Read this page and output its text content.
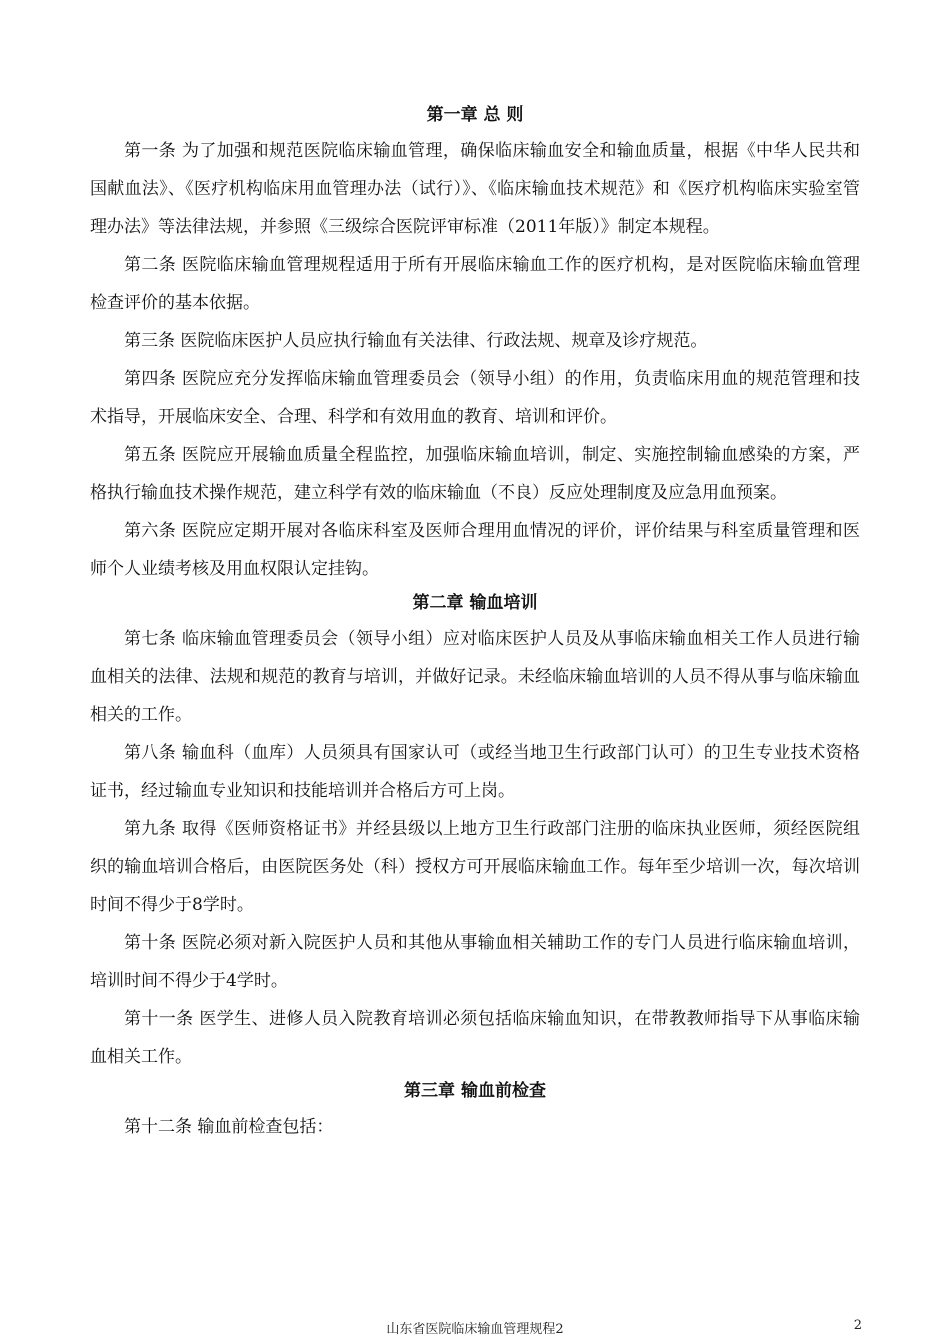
第一章 总 则

第一条 为了加强和规范医院临床输血管理，确保临床输血安全和输血质量，根据《中华人民共和国献血法》、《医疗机构临床用血管理办法（试行）》、《临床输血技术规范》和《医疗机构临床实验室管理办法》等法律法规，并参照《三级综合医院评审标准（2011年版）》制定本规程。

第二条 医院临床输血管理规程适用于所有开展临床输血工作的医疗机构，是对医院临床输血管理检查评价的基本依据。

第三条 医院临床医护人员应执行输血有关法律、行政法规、规章及诊疗规范。

第四条 医院应充分发挥临床输血管理委员会（领导小组）的作用，负责临床用血的规范管理和技术指导，开展临床安全、合理、科学和有效用血的教育、培训和评价。

第五条 医院应开展输血质量全程监控，加强临床输血培训，制定、实施控制输血感染的方案，严格执行输血技术操作规范，建立科学有效的临床输血（不良）反应处理制度及应急用血预案。

第六条 医院应定期开展对各临床科室及医师合理用血情况的评价，评价结果与科室质量管理和医师个人业绩考核及用血权限认定挂钩。

第二章 输血培训

第七条 临床输血管理委员会（领导小组）应对临床医护人员及从事临床输血相关工作人员进行输血相关的法律、法规和规范的教育与培训，并做好记录。未经临床输血培训的人员不得从事与临床输血相关的工作。

第八条 输血科（血库）人员须具有国家认可（或经当地卫生行政部门认可）的卫生专业技术资格证书，经过输血专业知识和技能培训并合格后方可上岗。

第九条 取得《医师资格证书》并经县级以上地方卫生行政部门注册的临床执业医师，须经医院组织的输血培训合格后，由医院医务处（科）授权方可开展临床输血工作。每年至少培训一次，每次培训时间不得少于8学时。

第十条 医院必须对新入院医护人员和其他从事输血相关辅助工作的专门人员进行临床输血培训，培训时间不得少于4学时。

第十一条 医学生、进修人员入院教育培训必须包括临床输血知识，在带教教师指导下从事临床输血相关工作。

第三章 输血前检查

第十二条 输血前检查包括：

山东省医院临床输血管理规程2	2
